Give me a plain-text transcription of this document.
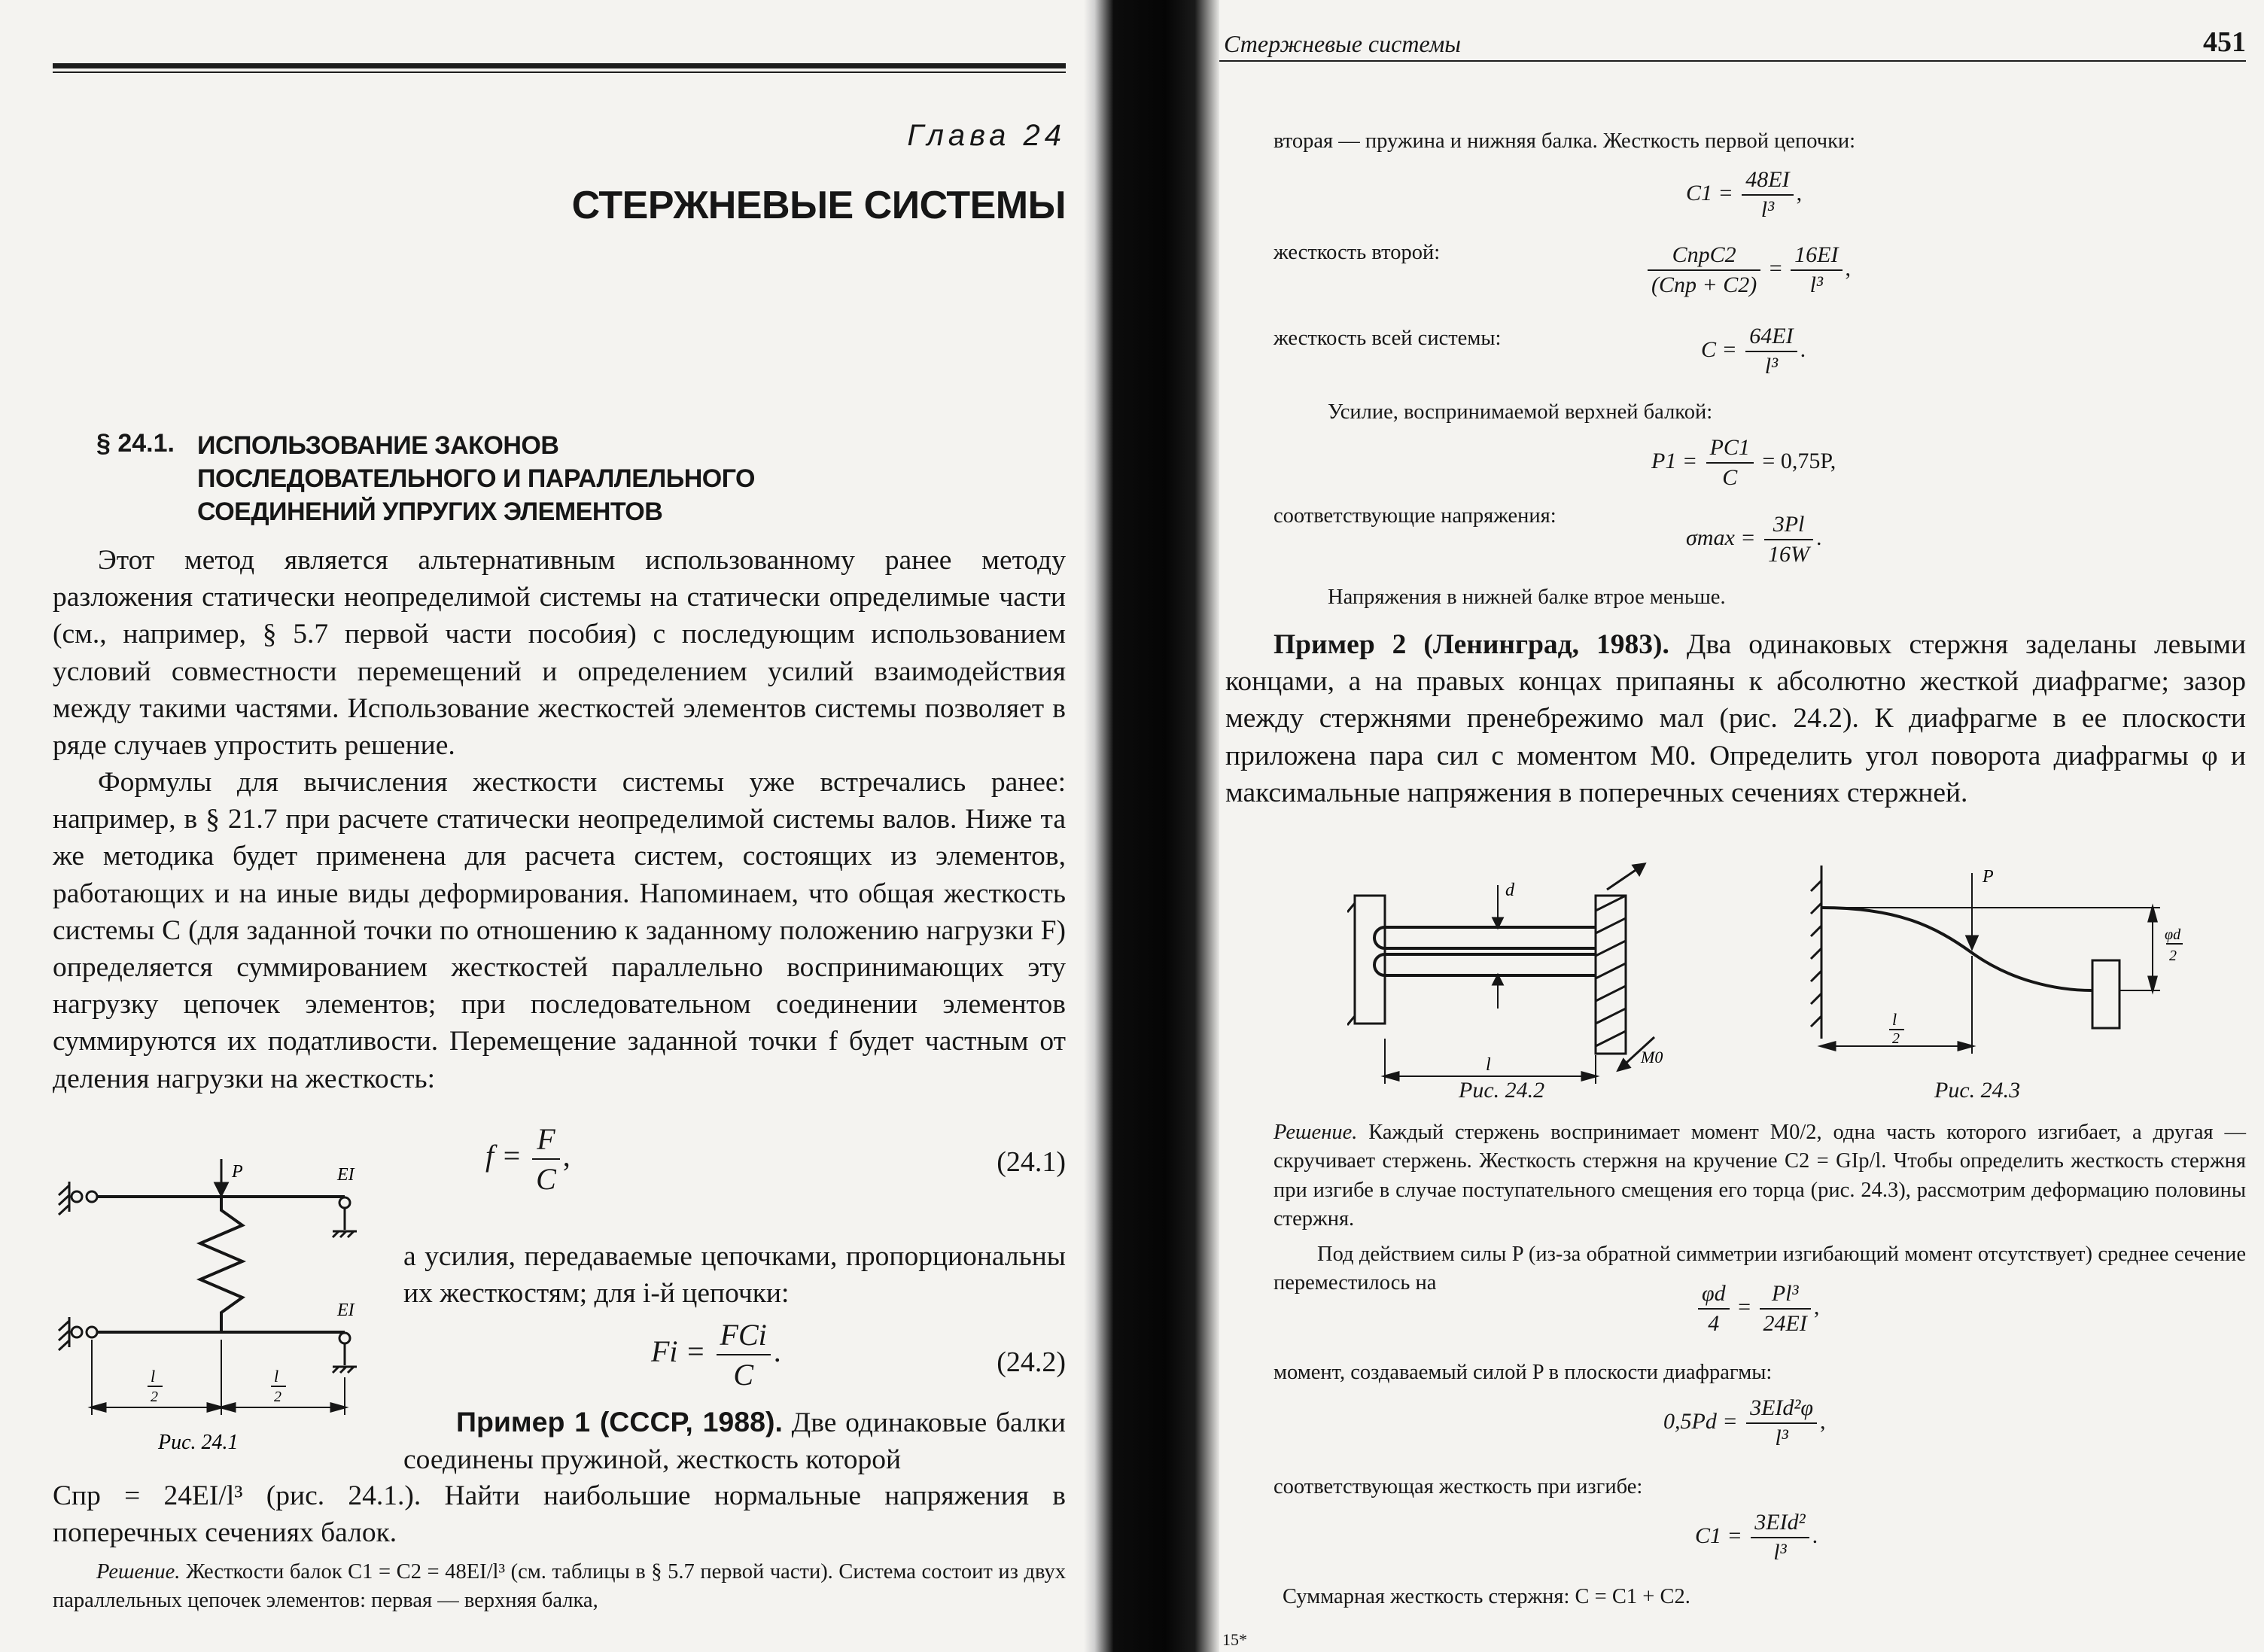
Глава 24
СТЕРЖНЕВЫЕ СИСТЕМЫ
§ 24.1. ИСПОЛЬЗОВАНИЕ ЗАКОНОВ
ПОСЛЕДОВАТЕЛЬНОГО И ПАРАЛЛЕЛЬНОГО
СОЕДИНЕНИЙ УПРУГИХ ЭЛЕМЕНТОВ
Этот метод является альтернативным использованному ранее методу разложения статически неопределимой системы на статически определимые части (см., например, § 5.7 первой части пособия) с последующим использованием условий совместности перемещений и определением усилий взаимодействия между такими частями. Использование жесткостей элементов системы позволяет в ряде случаев упростить решение.
Формулы для вычисления жесткости системы уже встречались ранее: например, в § 21.7 при расчете статически неопределимой системы валов. Ниже та же методика будет применена для расчета систем, состоящих из элементов, работающих и на иные виды деформирования. Напоминаем, что общая жесткость системы C (для заданной точки по отношению к заданному положению нагрузки F) определяется суммированием жесткостей параллельно воспринимающих эту нагрузку цепочек элементов; при последовательном соединении элементов суммируются их податливости. Перемещение заданной точки f будет частным от деления нагрузки на жесткость:
$f = \frac{F}{C}$ ,	(24.1)
P	EI
EI
l
2
l
2
Рис. 24.1
а усилия, передаваемые цепочками, пропорциональны их жесткостям; для i-й цепочки:
$Fi = \frac{\text{FCi}}{C}$ .	(24.2)
Пример 1 (СССР, 1988). Две одинаковые балки соединены пружиной, жесткость которой
Cпр = 24EI/l³ (рис. 24.1.). Найти наибольшие нормальные напряжения в поперечных сечениях балок.
Решение. Жесткости балок C1 = C2 = 48EI/l³ (см. таблицы в § 5.7 первой части). Система состоит из двух параллельных цепочек элементов: первая — верхняя балка,
Стержневые системы	451
вторая — пружина и нижняя балка. Жесткость первой цепочки:
$C1 = \frac{48EI}{\text{l³}}$ ,
жесткость второй:	$\frac{\text{CпрC2}}{\text{(Cпр + C2)}} = \frac{16EI}{\text{l³}}$ ,
жесткость всей системы:	$C = \frac{64EI}{\text{l³}}$ .
Усилие, воспринимаемой верхней балкой:
$P1 = \frac{PC1}{C} = 0,75P$,
соответствующие напряжения:
$\sigma\max = \frac{3Pl}{16W}$ .
Напряжения в нижней балке втрое меньше.
Пример 2 (Ленинград, 1983). Два одинаковых стержня заделаны левыми концами, а на правых концах припаяны к абсолютно жесткой диафрагме; зазор между стержнями пренебрежимо мал (рис. 24.2). К диафрагме в ее плоскости приложена пара сил с моментом M0. Определить угол поворота диафрагмы φ и максимальные напряжения в поперечных сечениях стержней.
d
l	M0
Рис. 24.2
P
φd
2
l
2
Рис. 24.3
Решение. Каждый стержень воспринимает момент M0/2, одна часть которого изгибает, а другая — скручивает стержень. Жесткость стержня на кручение C2 = GIp/l. Чтобы определить жесткость стержня при изгибе в случае поступательного смещения его торца (рис. 24.3), рассмотрим деформацию половины стержня.
Под действием силы P (из-за обратной симметрии изгибающий момент отсутствует) среднее сечение переместилось на	$\frac{\varphi d}{4} = \frac{\text{Pl³}}{24EI}$ ,
момент, создаваемый силой P в плоскости диафрагмы:
$0,5Pd = \frac{\text{3EId²φ}}{\text{l³}}$ ,
соответствующая жесткость при изгибе:
$C1 = \frac{\text{3EId²}}{\text{l³}}$ .
Суммарная жесткость стержня: C = C1 + C2.
15*
